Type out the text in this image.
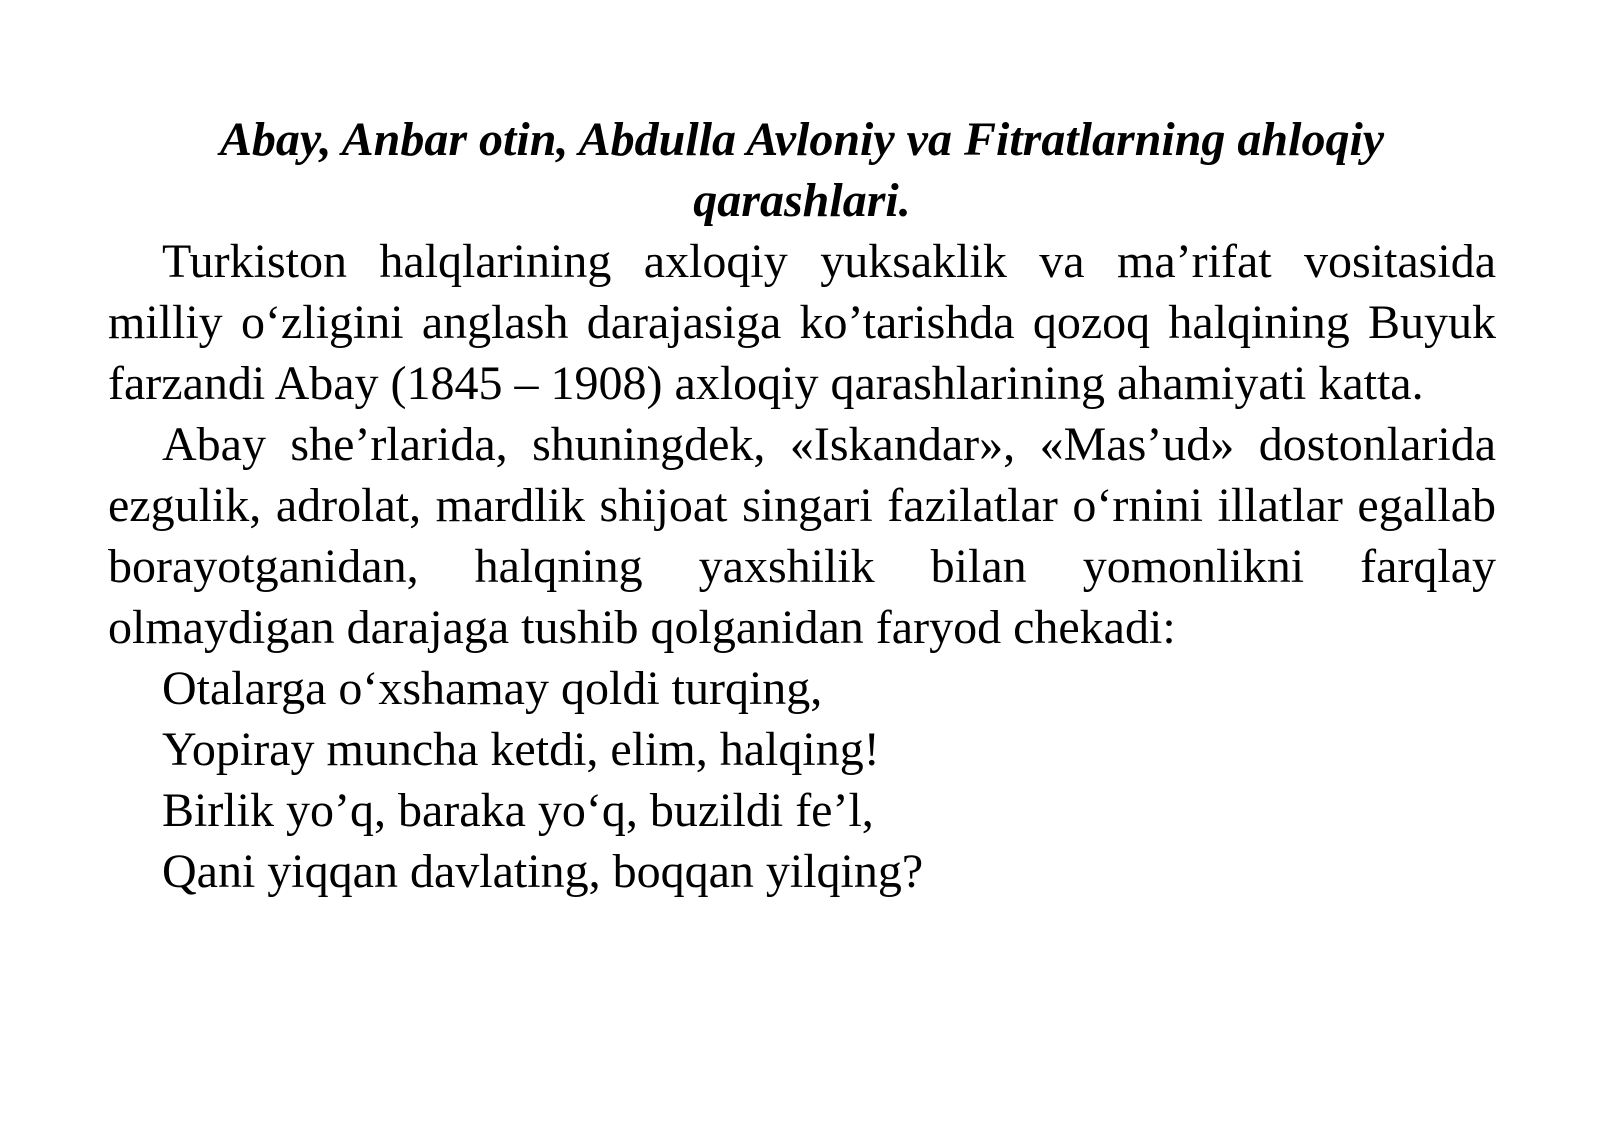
Abay, Anbar otin, Abdulla Avloniy va Fitratlarning ahloqiy qarashlari.

Turkiston halqlarining axloqiy yuksaklik va ma’rifat vositasida milliy o‘zligini anglash darajasiga ko’tarishda qozoq halqining Buyuk farzandi Abay (1845 – 1908) axloqiy qarashlarining ahamiyati katta.

Abay she’rlarida, shuningdek, «Iskandar», «Mas’ud» dostonlarida ezgulik, adrolat, mardlik shijoat singari fazilatlar o‘rnini illatlar egallab borayotganidan, halqning yaxshilik bilan yomonlikni farqlay olmaydigan darajaga tushib qolganidan faryod chekadi:

Otalarga o‘xshamay qoldi turqing,
Yopiray muncha ketdi, elim, halqing!
Birlik yo’q, baraka yo‘q, buzildi fe’l,
Qani yiqqan davlating, boqqan yilqing?
